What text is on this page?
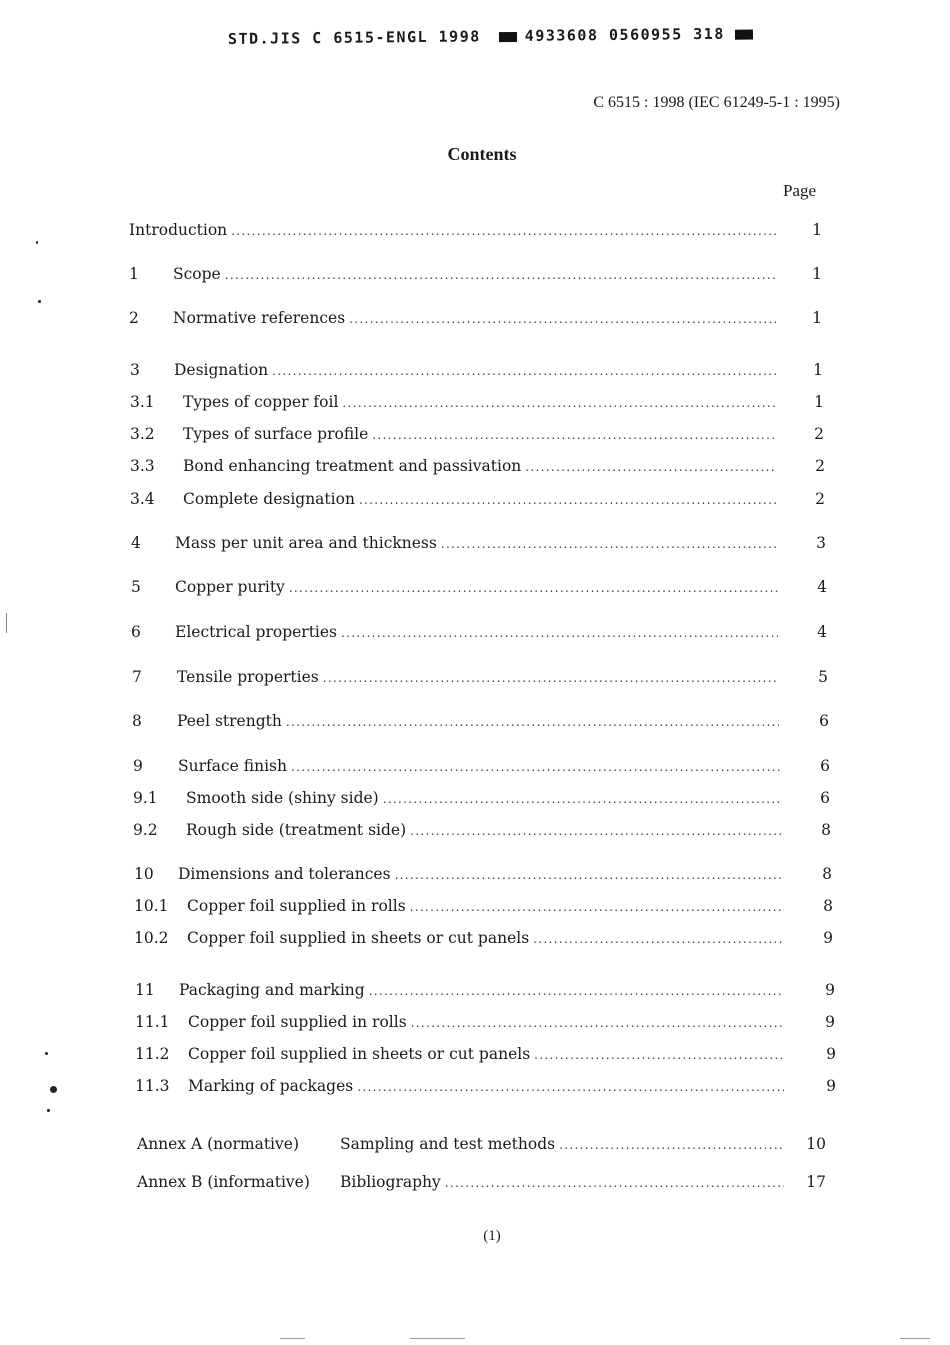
STD.JIS C 6515-ENGL 1998	4933608 0560955 318
C 6515 : 1998 (IEC 61249-5-1 : 1995)
Contents
Page
Introduction .....	1
1	Scope .....	1
2	Normative references .....	1
3	Designation .....	1
3.1	Types of copper foil .....	1
3.2	Types of surface profile .....	2
3.3	Bond enhancing treatment and passivation .....	2
3.4	Complete designation .....	2
4	Mass per unit area and thickness .....	3
5	Copper purity .....	4
6	Electrical properties .....	4
7	Tensile properties .....	5
8	Peel strength .....	6
9	Surface finish .....	6
9.1	Smooth side (shiny side) .....	6
9.2	Rough side (treatment side) .....	8
10	Dimensions and tolerances .....	8
10.1	Copper foil supplied in rolls .....	8
10.2	Copper foil supplied in sheets or cut panels .....	9
11	Packaging and marking .....	9
11.1	Copper foil supplied in rolls .....	9
11.2	Copper foil supplied in sheets or cut panels .....	9
11.3	Marking of packages .....	9
Annex A (normative)	Sampling and test methods .....	10
Annex B (informative)	Bibliography .....	17
(1)
